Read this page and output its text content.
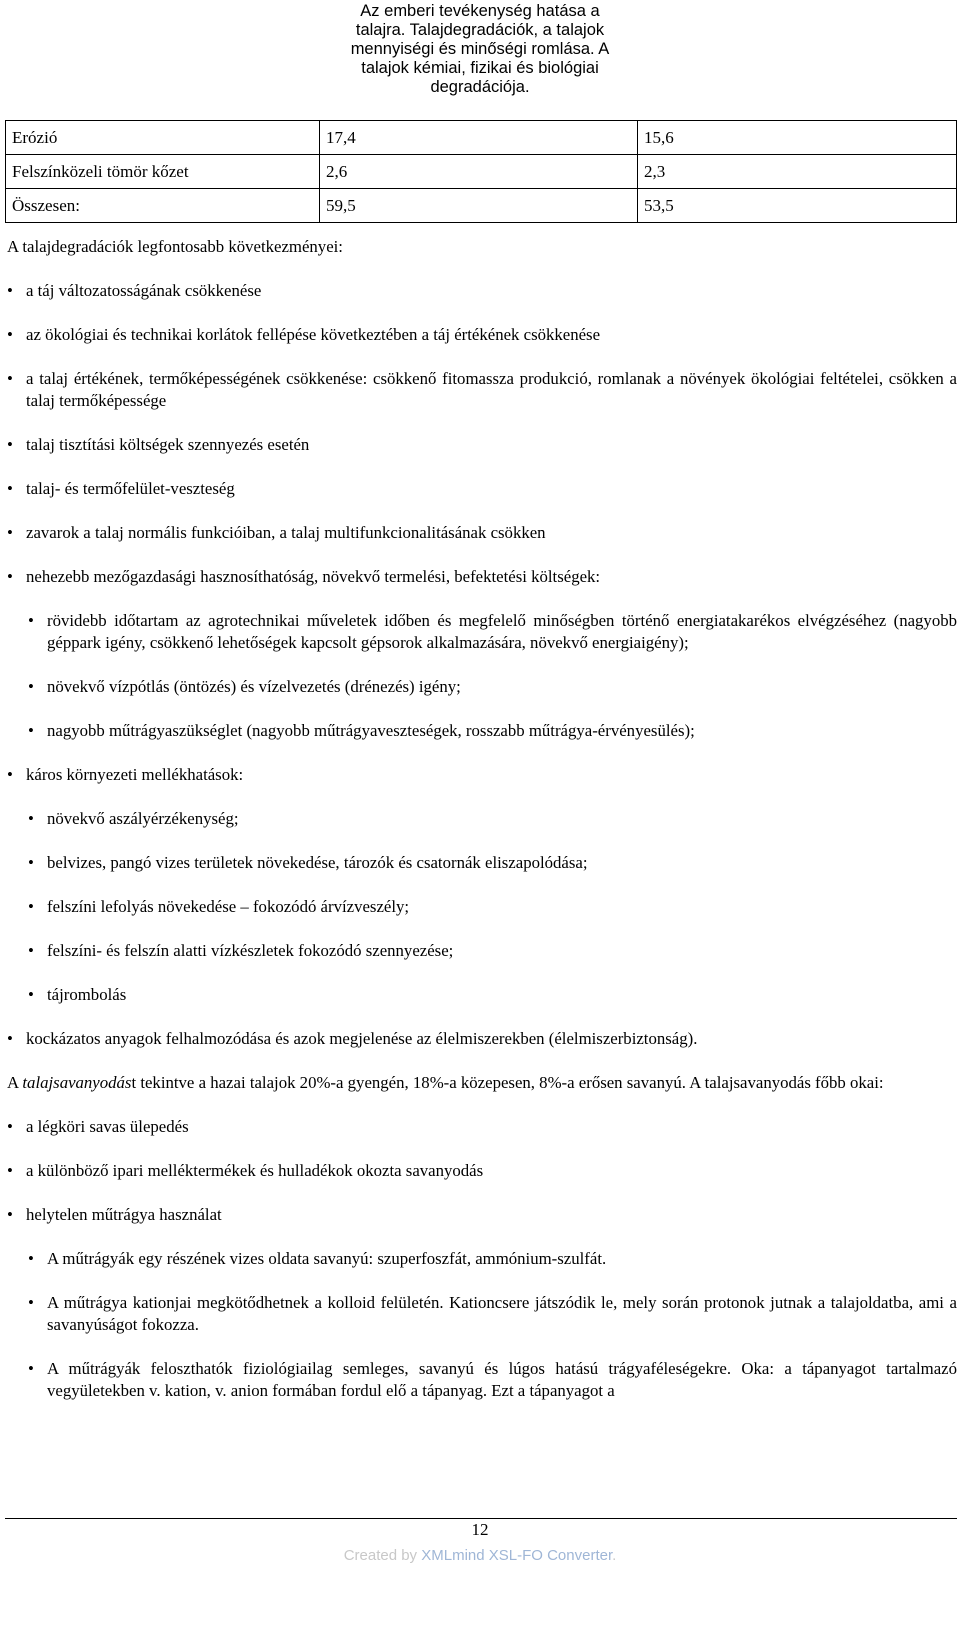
Az emberi tevékenység hatása a
talajra. Talajdegradációk, a talajok
mennyiségi és minőségi romlása. A
talajok kémiai, fizikai és biológiai
degradációja.
Erózió	17,4	15,6
Felszínközeli tömör kőzet	2,6	2,3
Összesen:	59,5	53,5

A talajdegradációk legfontosabb következményei:

• a táj változatosságának csökkenése
• az ökológiai és technikai korlátok fellépése következtében a táj értékének csökkenése
• a talaj értékének, termőképességének csökkenése: csökkenő fitomassza produkció, romlanak a növények ökológiai feltételei, csökken a talaj termőképessége
• talaj tisztítási költségek szennyezés esetén
• talaj- és termőfelület-veszteség
• zavarok a talaj normális funkcióiban, a talaj multifunkcionalitásának csökken
• nehezebb mezőgazdasági hasznosíthatóság, növekvő termelési, befektetési költségek:
• rövidebb időtartam az agrotechnikai műveletek időben és megfelelő minőségben történő energiatakarékos elvégzéséhez (nagyobb géppark igény, csökkenő lehetőségek kapcsolt gépsorok alkalmazására, növekvő energiaigény);
• növekvő vízpótlás (öntözés) és vízelvezetés (drénezés) igény;
• nagyobb műtrágyaszükséglet (nagyobb műtrágyaveszteségek, rosszabb műtrágya-érvényesülés);
• káros környezeti mellékhatások:
• növekvő aszályérzékenység;
• belvizes, pangó vizes területek növekedése, tározók és csatornák eliszapolódása;
• felszíni lefolyás növekedése – fokozódó árvízveszély;
• felszíni- és felszín alatti vízkészletek fokozódó szennyezése;
• tájrombolás
• kockázatos anyagok felhalmozódása és azok megjelenése az élelmiszerekben (élelmiszerbiztonság).

A talajsavanyodást tekintve a hazai talajok 20%-a gyengén, 18%-a közepesen, 8%-a erősen savanyú. A talajsavanyodás főbb okai:

• a légköri savas ülepedés
• a különböző ipari melléktermékek és hulladékok okozta savanyodás
• helytelen műtrágya használat
• A műtrágyák egy részének vizes oldata savanyú: szuperfoszfát, ammónium-szulfát.
• A műtrágya kationjai megkötődhetnek a kolloid felületén. Kationcsere játszódik le, mely során protonok jutnak a talajoldatba, ami a savanyúságot fokozza.
• A műtrágyák feloszthatók fiziológiailag semleges, savanyú és lúgos hatású trágyaféleségekre. Oka: a tápanyagot tartalmazó vegyületekben v. kation, v. anion formában fordul elő a tápanyag. Ezt a tápanyagot a
12
Created by XMLmind XSL-FO Converter.
